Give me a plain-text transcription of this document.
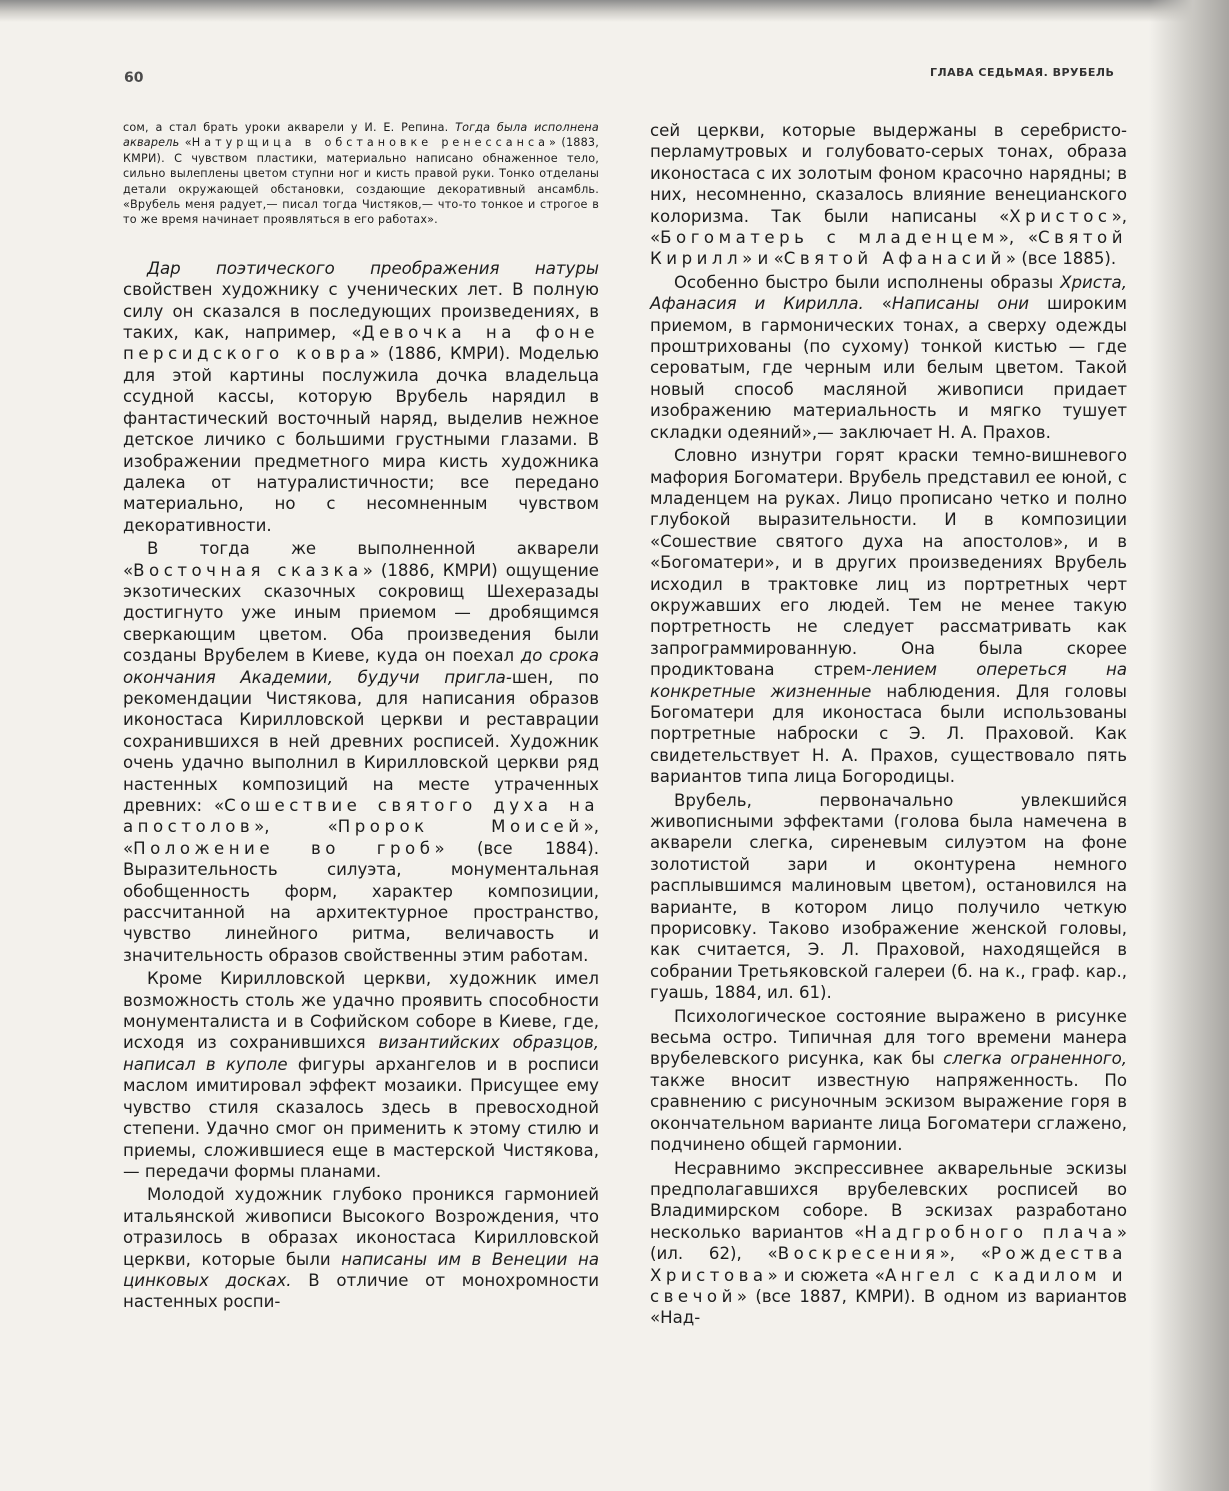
60	ГЛАВА СЕДЬМАЯ. ВРУБЕЛЬ

сом, а стал брать уроки акварели у И. Е. Репина. Тогда была исполнена акварель «Натурщица в обстановке ренессанса» (1883, КМРИ). С чувством пластики, материально написано обнаженное тело, сильно вылеплены цветом ступни ног и кисть правой руки. Тонко отделаны детали окружающей обстановки, создающие декоративный ансамбль. «Врубель меня радует,— писал тогда Чистяков,— что-то тонкое и строгое в то же время начинает проявляться в его работах».

Дар поэтического преображения натуры свойствен художнику с ученических лет. В полную силу он сказался в последующих произведениях, в таких, как, например, «Девочка на фоне персидского ковра» (1886, КМРИ). Моделью для этой картины послужила дочка владельца ссудной кассы, которую Врубель нарядил в фантастический восточный наряд, выделив нежное детское личико с большими грустными глазами. В изображении предметного мира кисть художника далека от натуралистичности; все передано материально, но с несомненным чувством декоративности.

В тогда же выполненной акварели «Восточная сказка» (1886, КМРИ) ощущение экзотических сказочных сокровищ Шехеразады достигнуто уже иным приемом — дробящимся сверкающим цветом. Оба произведения были созданы Врубелем в Киеве, куда он поехал до срока окончания Академии, будучи пригла-шен, по рекомендации Чистякова, для написания образов иконостаса Кирилловской церкви и реставрации сохранившихся в ней древних росписей. Художник очень удачно выполнил в Кирилловской церкви ряд настенных композиций на месте утраченных древних: «Сошествие святого духа на апостолов», «Пророк Моисей», «Положение во гроб» (все 1884). Выразительность силуэта, монументальная обобщенность форм, характер композиции, рассчитанной на архитектурное пространство, чувство линейного ритма, величавость и значительность образов свойственны этим работам.

Кроме Кирилловской церкви, художник имел возможность столь же удачно проявить способности монументалиста и в Софийском соборе в Киеве, где, исходя из сохранившихся византийских образцов, написал в куполе фигуры архангелов и в росписи маслом имитировал эффект мозаики. Присущее ему чувство стиля сказалось здесь в превосходной степени. Удачно смог он применить к этому стилю и приемы, сложившиеся еще в мастерской Чистякова,— передачи формы планами.

Молодой художник глубоко проникся гармонией итальянской живописи Высокого Возрождения, что отразилось в образах иконостаса Кирилловской церкви, которые были написаны им в Венеции на цинковых досках. В отличие от монохромности настенных роспи-

сей церкви, которые выдержаны в серебристо-перламутровых и голубовато-серых тонах, образа иконостаса с их золотым фоном красочно нарядны; в них, несомненно, сказалось влияние венецианского колоризма. Так были написаны «Христос», «Богоматерь с младенцем», «Святой Кирилл» и «Святой Афанасий» (все 1885).

Особенно быстро были исполнены образы Христа, Афанасия и Кирилла. «Написаны они широким приемом, в гармонических тонах, а сверху одежды проштрихованы (по сухому) тонкой кистью — где сероватым, где черным или белым цветом. Такой новый способ масляной живописи придает изображению материальность и мягко тушует складки одеяний»,— заключает Н. А. Прахов.

Словно изнутри горят краски темно-вишневого мафория Богоматери. Врубель представил ее юной, с младенцем на руках. Лицо прописано четко и полно глубокой выразительности. И в композиции «Сошествие святого духа на апостолов», и в «Богоматери», и в других произведениях Врубель исходил в трактовке лиц из портретных черт окружавших его людей. Тем не менее такую портретность не следует рассматривать как запрограммированную. Она была скорее продиктована стрем-лением опереться на конкретные жизненные наблюдения. Для головы Богоматери для иконостаса были использованы портретные наброски с Э. Л. Праховой. Как свидетельствует Н. А. Прахов, существовало пять вариантов типа лица Богородицы.

Врубель, первоначально увлекшийся живописными эффектами (голова была намечена в акварели слегка, сиреневым силуэтом на фоне золотистой зари и оконтурена немного расплывшимся малиновым цветом), остановился на варианте, в котором лицо получило четкую прорисовку. Таково изображение женской головы, как считается, Э. Л. Праховой, находящейся в собрании Третьяковской галереи (б. на к., граф. кар., гуашь, 1884, ил. 61).

Психологическое состояние выражено в рисунке весьма остро. Типичная для того времени манера врубелевского рисунка, как бы слегка ограненного, также вносит известную напряженность. По сравнению с рисуночным эскизом выражение горя в окончательном варианте лица Богоматери сглажено, подчинено общей гармонии.

Несравнимо экспрессивнее акварельные эскизы предполагавшихся врубелевских росписей во Владимирском соборе. В эскизах разработано несколько вариантов «Надгробного плача» (ил. 62), «Воскресения», «Рождества Христова» и сюжета «Ангел с кадилом и свечой» (все 1887, КМРИ). В одном из вариантов «Над-
